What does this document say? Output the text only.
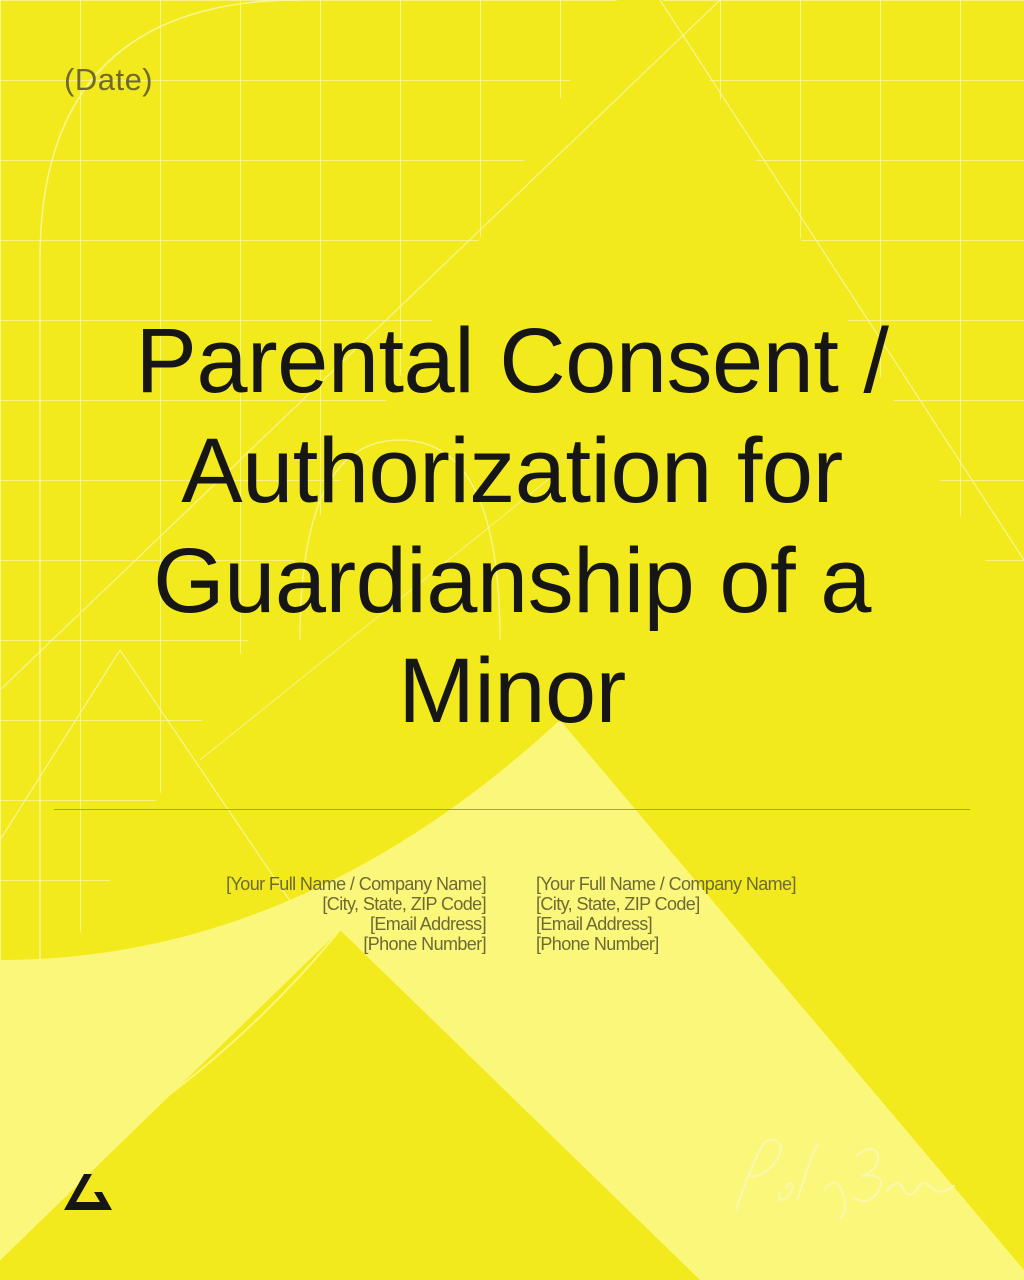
(Date)
Parental Consent / Authorization for Guardianship of a Minor
[Your Full Name / Company Name]
[City, State, ZIP Code]
[Email Address]
[Phone Number]
[Your Full Name / Company Name]
[City, State, ZIP Code]
[Email Address]
[Phone Number]
